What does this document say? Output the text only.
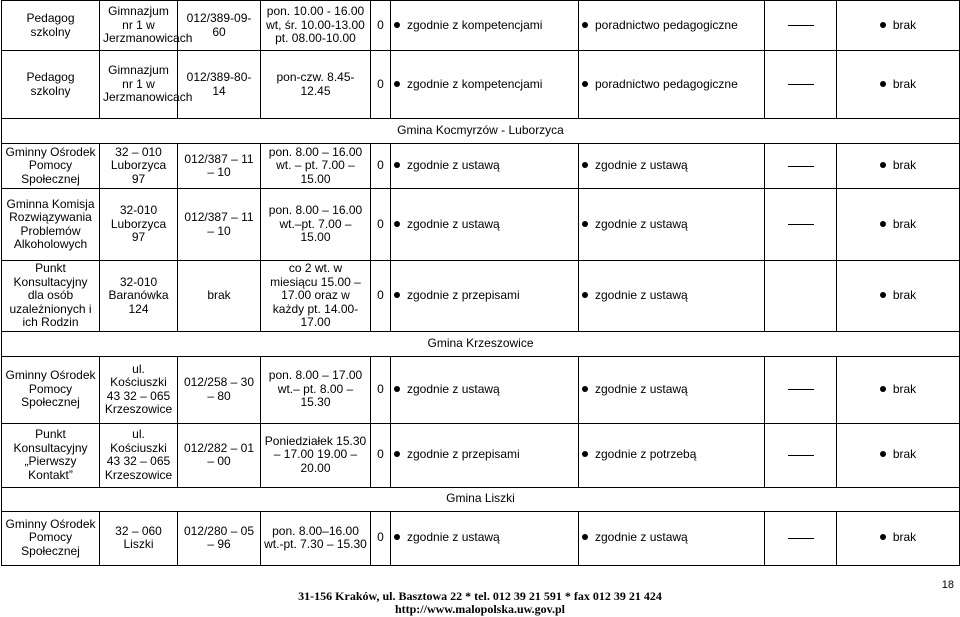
Pedagog szkolny	Gimnazjum nr 1 w Jerzmanowicach	012/389-09-60	pon. 10.00 - 16.00 wt, śr. 10.00-13.00 pt. 08.00-10.00	0	zgodnie z kompetencjami	poradnictwo pedagogiczne		brak

Pedagog szkolny	Gimnazjum nr 1 w Jerzmanowicach	012/389-80-14	pon-czw. 8.45-12.45	0	zgodnie z kompetencjami	poradnictwo pedagogiczne		brak

Gmina Kocmyrzów - Luborzyca								
Gminny Ośrodek Pomocy Społecznej	32 – 010 Luborzyca 97	012/387 – 11 – 10	pon. 8.00 – 16.00 wt. – pt. 7.00 – 15.00	0	zgodnie z ustawą	zgodnie z ustawą		brak

Gminna Komisja Rozwiązywania Problemów Alkoholowych	32-010 Luborzyca 97	012/387 – 11 – 10	pon. 8.00 – 16.00 wt.–pt. 7.00 – 15.00	0	zgodnie z ustawą	zgodnie z ustawą		brak

Punkt Konsultacyjny dla osób uzależnionych i ich Rodzin	32-010 Baranówka 124	brak	co 2 wt. w miesiącu 15.00 – 17.00 oraz w każdy pt. 14.00-17.00	0	zgodnie z przepisami	zgodnie z ustawą		brak

Gmina Krzeszowice								
Gminny Ośrodek Pomocy Społecznej	ul. Kościuszki 43 32 – 065 Krzeszowice	012/258 – 30 – 80	pon. 8.00 – 17.00 wt.– pt. 8.00 – 15.30	0	zgodnie z ustawą	zgodnie z ustawą		brak

Punkt Konsultacyjny „Pierwszy Kontakt”	ul. Kościuszki 43 32 – 065 Krzeszowice	012/282 – 01 – 00	Poniedziałek 15.30 – 17.00 19.00 – 20.00	0	zgodnie z przepisami	zgodnie z potrzebą		brak

Gmina Liszki								
Gminny Ośrodek Pomocy Społecznej	32 – 060 Liszki	012/280 – 05 – 96	pon. 8.00–16.00 wt.-pt. 7.30 – 15.30	0	zgodnie z ustawą	zgodnie z ustawą		brak
18
31-156 Kraków, ul. Basztowa 22 * tel. 012 39 21 591 * fax 012 39 21 424
http://www.malopolska.uw.gov.pl
